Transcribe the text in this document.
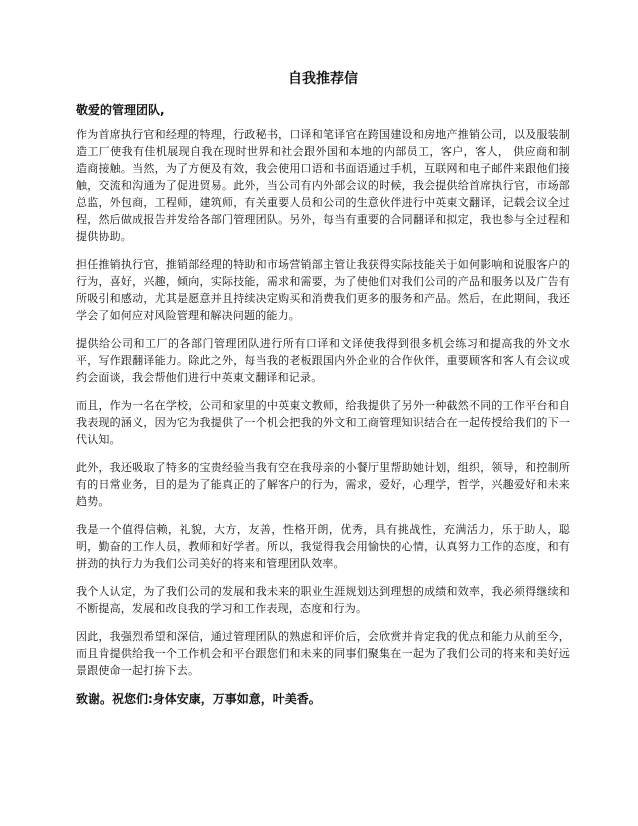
自我推荐信
敬爱的管理团队,

作为首席执行官和经理的特理，行政秘书，口译和笔译官在跨国建设和房地产推销公司，以及服装制造工厂使我有佳机展现自我在现时世界和社会跟外国和本地的内部员工，客户，客人， 供应商和制造商接触。当然，为了方便及有效，我会使用口语和书面语通过手机，互联网和电子邮件来跟他们接触，交流和沟通为了促进贸易。此外，当公司有内外部会议的时候，我会提供给首席执行官，市场部总监，外包商，工程师，建筑师，有关重要人员和公司的生意伙伴进行中英東文翻译，记载会议全过程，然后做成报告并发给各部门管理团队。另外，每当有重要的合同翻译和拟定，我也参与全过程和提供协助。

担任推销执行官，推销部经理的特助和市场营销部主管让我获得实际技能关于如何影响和说服客户的行为，喜好，兴趣，倾向，实际技能，需求和需要，为了使他们对我们公司的产品和服务以及广告有所吸引和感动，尤其是愿意并且持续决定购买和消费我们更多的服务和产品。然后，在此期间，我还学会了如何应对风险管理和解决问题的能力。

提供给公司和工厂的各部门管理团队进行所有口译和文译使我得到很多机会练习和提高我的外文水平，写作跟翻译能力。除此之外，每当我的老板跟国内外企业的合作伙伴，重要顾客和客人有会议或约会面谈，我会帮他们进行中英東文翻译和记录。

而且，作为一名在学校，公司和家里的中英東文教师，给我提供了另外一种截然不同的工作平台和自我表现的涵义，因为它为我提供了一个机会把我的外文和工商管理知识结合在一起传授给我们的下一代认知。

此外，我还吸取了特多的宝贵经验当我有空在我母亲的小餐厅里帮助她计划，组织，领导，和控制所有的日常业务，目的是为了能真正的了解客户的行为，需求，爱好，心理学，哲学，兴趣爱好和未来趋势。

我是一个值得信赖，礼貌，大方，友善，性格开朗，优秀，具有挑战性，充满活力，乐于助人，聪明，勤奋的工作人员，教师和好学者。所以，我觉得我会用愉快的心情，认真努力工作的态度，和有拼劲的执行力为我们公司美好的将来和管理团队效率。

我个人认定，为了我们公司的发展和我未来的职业生涯规划达到理想的成绩和效率，我必须得继续和不断提高，发展和改良我的学习和工作表现，态度和行为。

因此，我强烈希望和深信，通过管理团队的熟虑和评价后，会欣赏并肯定我的优点和能力从前至今，而且肯提供给我一个工作机会和平台跟您们和未来的同事们聚集在一起为了我们公司的将来和美好远景跟使命一起打拚下去。

致谢。祝您们:身体安康，万事如意，叶美香。
